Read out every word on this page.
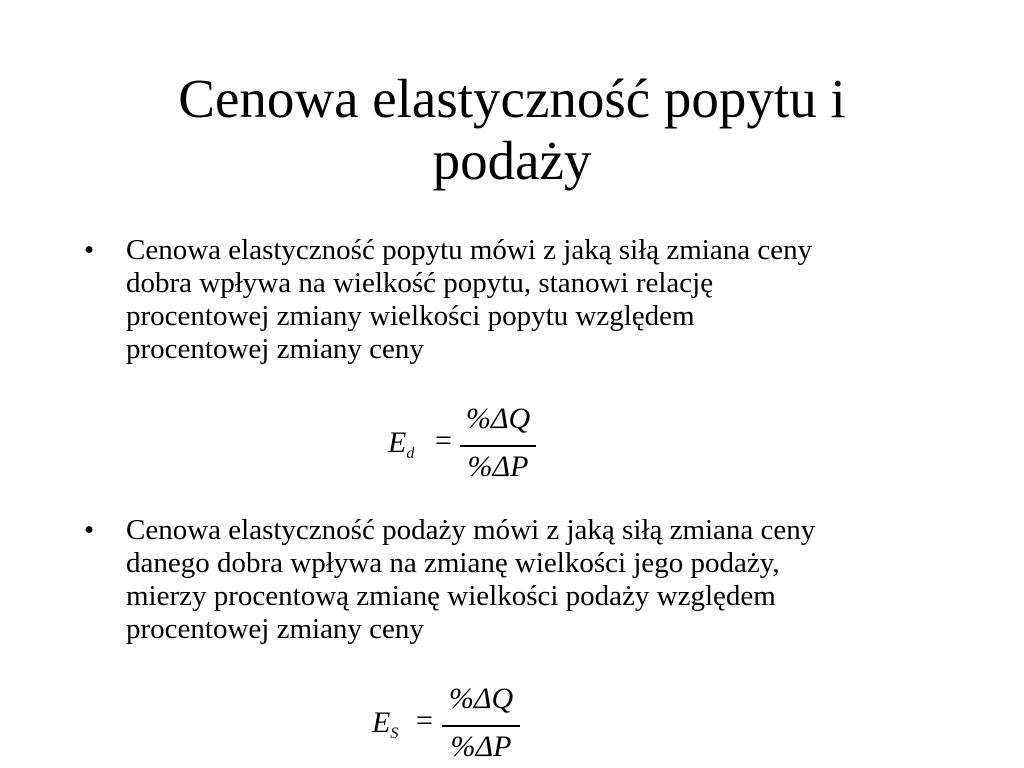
Cenowa elastyczność popytu i
podaży
•	Cenowa elastyczność popytu mówi z jaką siłą zmiana ceny
dobra wpływa na wielkość popytu, stanowi relację
procentowej zmiany wielkości popytu względem
procentowej zmiany ceny
$E_d$ =
%ΔQ
%ΔP
•	Cenowa elastyczność podaży mówi z jaką siłą zmiana ceny
danego dobra wpływa na zmianę wielkości jego podaży,
mierzy procentową zmianę wielkości podaży względem
procentowej zmiany ceny
$E_S$ =
%ΔQ
%ΔP
